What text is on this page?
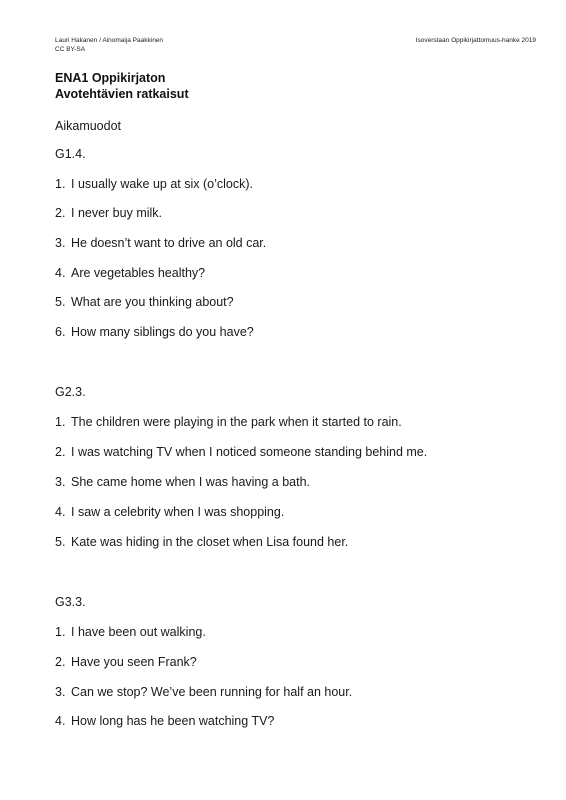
Lauri Hakanen / Ainomaija Paakkinen
CC BY-SA
Isoverstaan Oppikirjattomuus-hanke 2019
ENA1 Oppikirjaton
Avotehtävien ratkaisut
Aikamuodot
G1.4.
1. I usually wake up at six (o’clock).
2. I never buy milk.
3. He doesn’t want to drive an old car.
4. Are vegetables healthy?
5. What are you thinking about?
6. How many siblings do you have?
G2.3.
1. The children were playing in the park when it started to rain.
2. I was watching TV when I noticed someone standing behind me.
3. She came home when I was having a bath.
4. I saw a celebrity when I was shopping.
5. Kate was hiding in the closet when Lisa found her.
G3.3.
1. I have been out walking.
2. Have you seen Frank?
3. Can we stop? We’ve been running for half an hour.
4. How long has he been watching TV?
